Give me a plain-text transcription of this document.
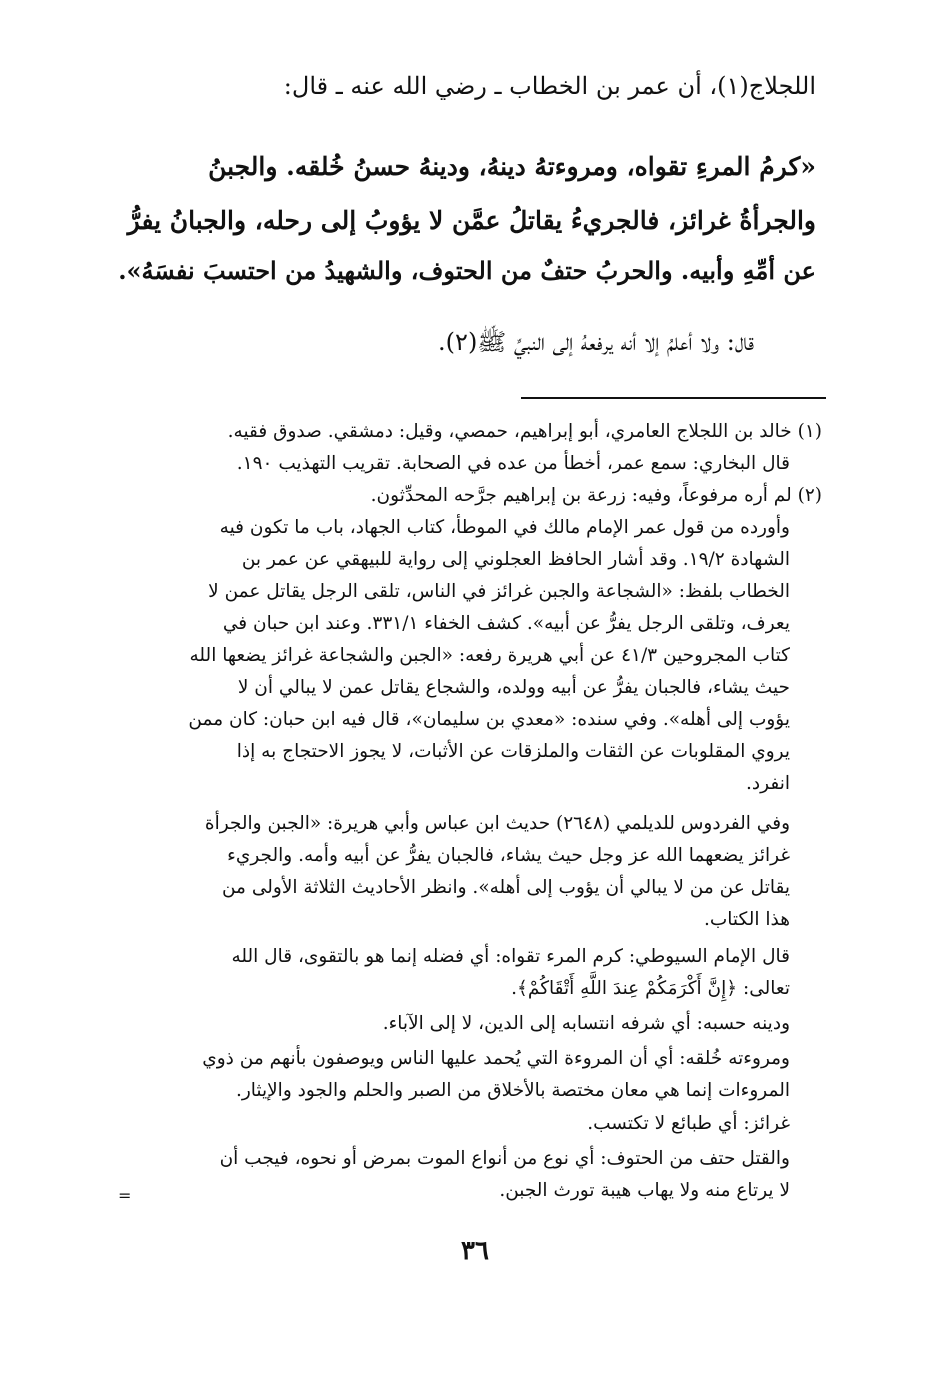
اللجلاج(١)، أن عمر بن الخطاب ـ رضي الله عنه ـ قال:
«كرمُ المرءِ تقواه، ومروءتهُ دينهُ، ودينهُ حسنُ خُلقه. والجبنُ
والجرأةُ غرائز، فالجريءُ يقاتلُ عمَّن لا يؤوبُ إلى رحله، والجبانُ يفرُّ
عن أمِّهِ وأبيه. والحربُ حتفٌ من الحتوف، والشهيدُ من احتسبَ نفسَهُ».
قال: ولا أعلمُ إلا أنه يرفعهُ إلى النبيِّ ﷺ(٢).
(١) خالد بن اللجلاج العامري، أبو إبراهيم، حمصي، وقيل: دمشقي. صدوق فقيه.
قال البخاري: سمع عمر، أخطأ من عده في الصحابة. تقريب التهذيب ١٩٠.
(٢) لم أره مرفوعاً، وفيه: زرعة بن إبراهيم جرَّحه المحدِّثون.
وأورده من قول عمر الإمام مالك في الموطأ، كتاب الجهاد، باب ما تكون فيه
الشهادة ١٩/٢. وقد أشار الحافظ العجلوني إلى رواية للبيهقي عن عمر بن
الخطاب بلفظ: «الشجاعة والجبن غرائز في الناس، تلقى الرجل يقاتل عمن لا
يعرف، وتلقى الرجل يفرُّ عن أبيه». كشف الخفاء ٣٣١/١. وعند ابن حبان في
كتاب المجروحين ٤١/٣ عن أبي هريرة رفعه: «الجبن والشجاعة غرائز يضعها الله
حيث يشاء، فالجبان يفرُّ عن أبيه وولده، والشجاع يقاتل عمن لا يبالي أن لا
يؤوب إلى أهله». وفي سنده: «معدي بن سليمان»، قال فيه ابن حبان: كان ممن
يروي المقلوبات عن الثقات والملزقات عن الأثبات، لا يجوز الاحتجاج به إذا
انفرد.
وفي الفردوس للديلمي (٢٦٤٨) حديث ابن عباس وأبي هريرة: «الجبن والجرأة
غرائز يضعهما الله عز وجل حيث يشاء، فالجبان يفرُّ عن أبيه وأمه. والجريء
يقاتل عن من لا يبالي أن يؤوب إلى أهله». وانظر الأحاديث الثلاثة الأولى من
هذا الكتاب.
قال الإمام السيوطي: كرم المرء تقواه: أي فضله إنما هو بالتقوى، قال الله
تعالى: ﴿إِنَّ أَكْرَمَكُمْ عِندَ اللَّهِ أَتْقَاكُمْ﴾.
ودينه حسبه: أي شرفه انتسابه إلى الدين، لا إلى الآباء.
ومروءته خُلقه: أي أن المروءة التي يُحمد عليها الناس ويوصفون بأنهم من ذوي
المروءات إنما هي معان مختصة بالأخلاق من الصبر والحلم والجود والإيثار.
غرائز: أي طبائع لا تكتسب.
والقتل حتف من الحتوف: أي نوع من أنواع الموت بمرض أو نحوه، فيجب أن
لا يرتاع منه ولا يهاب هيبة تورث الجبن.
=
٣٦
